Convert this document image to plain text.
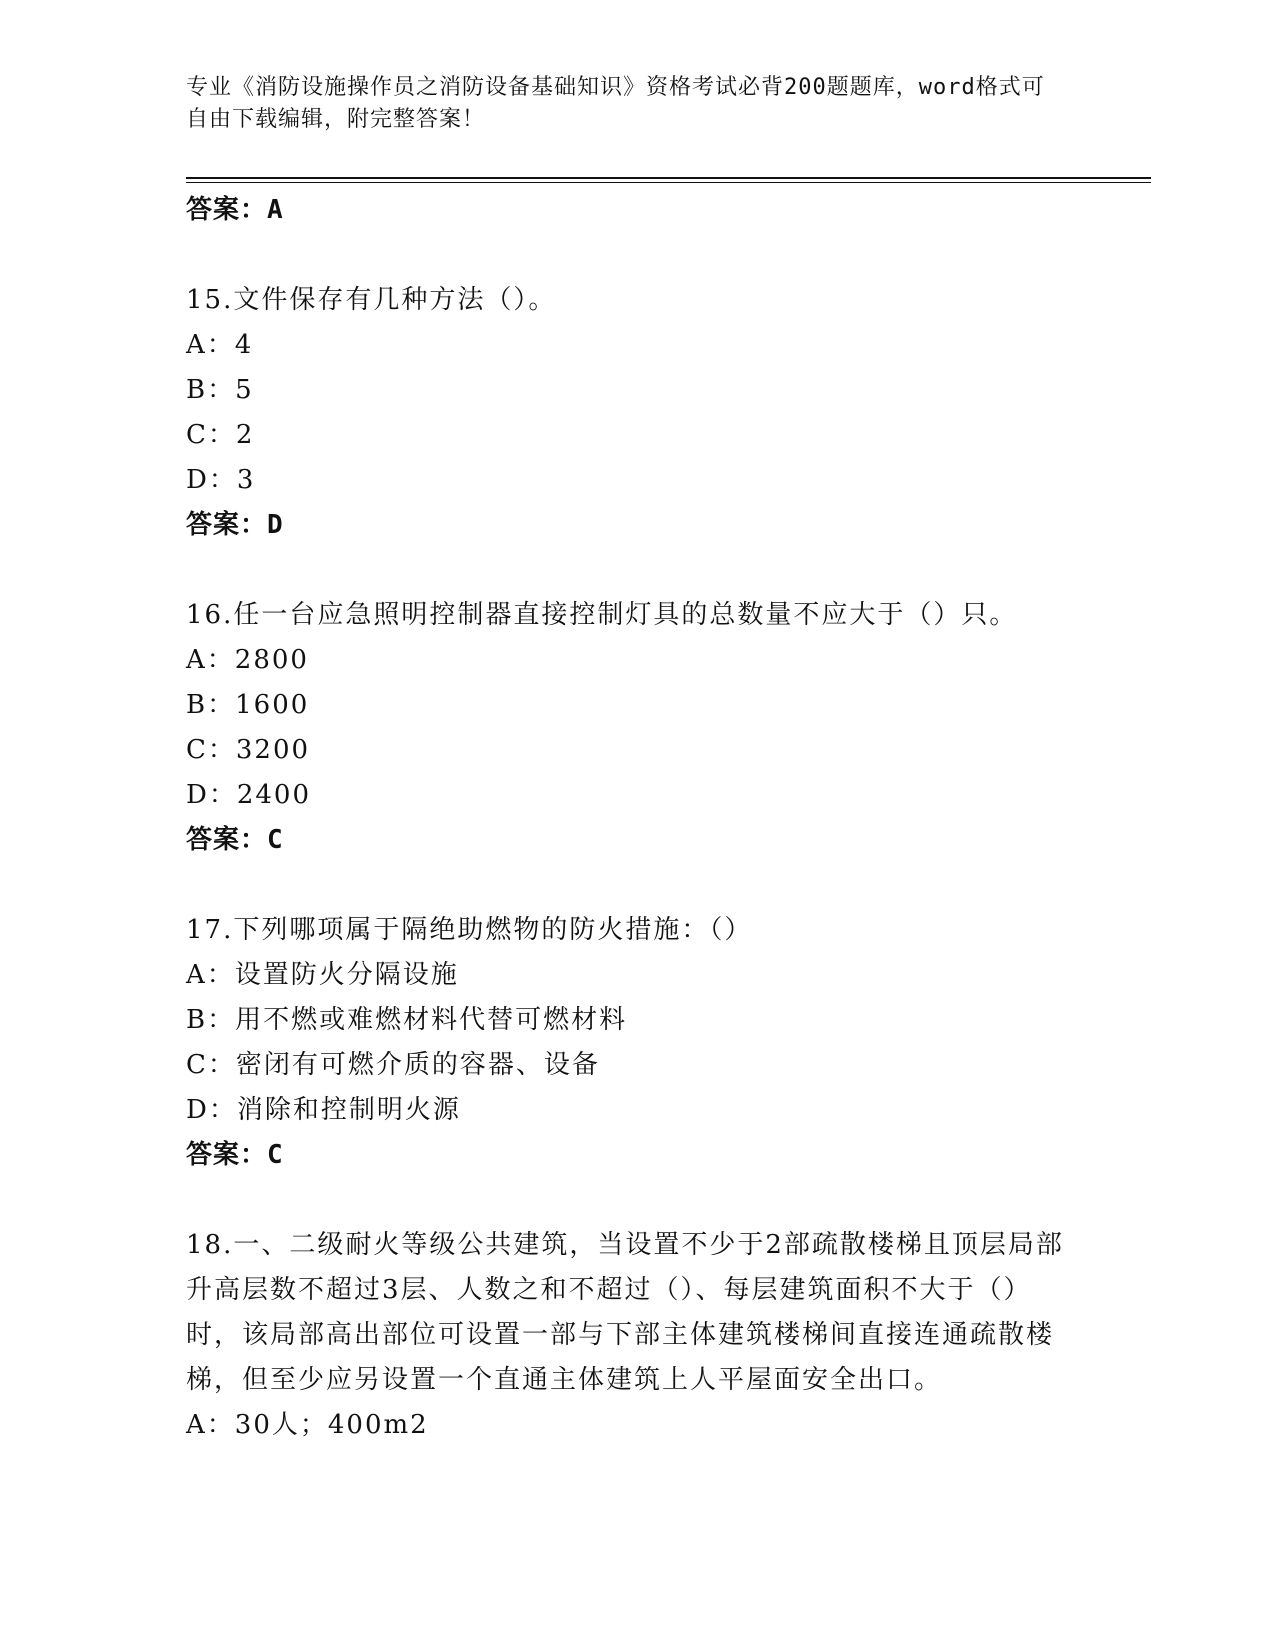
专业《消防设施操作员之消防设备基础知识》资格考试必背200题题库，word格式可自由下载编辑，附完整答案！
答案：A
15.文件保存有几种方法（）。
A：4
B：5
C：2
D：3
答案：D
16.任一台应急照明控制器直接控制灯具的总数量不应大于（）只。
A：2800
B：1600
C：3200
D：2400
答案：C
17.下列哪项属于隔绝助燃物的防火措施：（）
A：设置防火分隔设施
B：用不燃或难燃材料代替可燃材料
C：密闭有可燃介质的容器、设备
D：消除和控制明火源
答案：C
18.一、二级耐火等级公共建筑，当设置不少于2部疏散楼梯且顶层局部升高层数不超过3层、人数之和不超过（）、每层建筑面积不大于（）时，该局部高出部位可设置一部与下部主体建筑楼梯间直接连通疏散楼梯，但至少应另设置一个直通主体建筑上人平屋面安全出口。
A：30人；400m2
